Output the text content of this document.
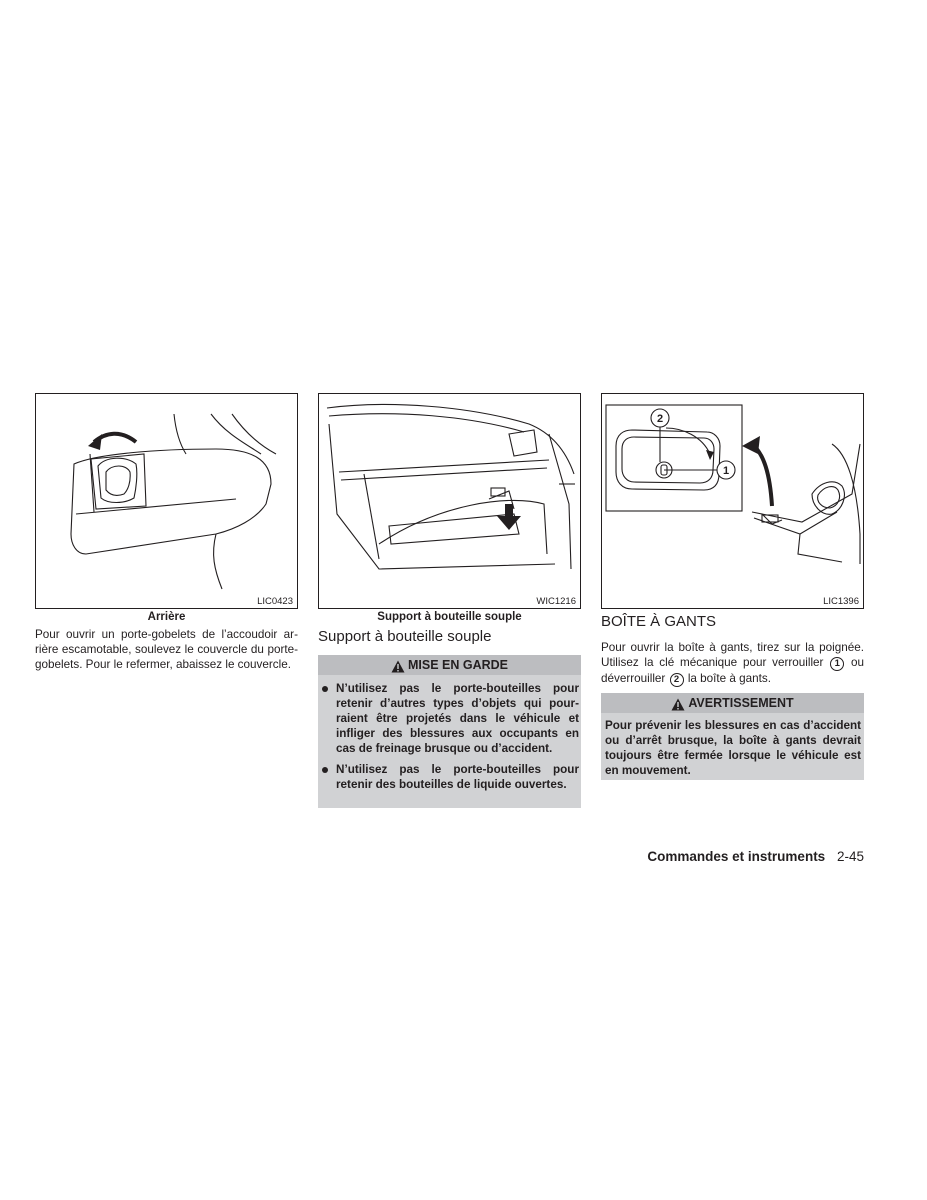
LIC0423
Arrière

Pour ouvrir un porte-gobelets de l’accoudoir arrière escamotable, soulevez le couvercle du porte-gobelets. Pour le refermer, abaissez le couvercle.

WIC1216
Support à bouteille souple
Support à bouteille souple
MISE EN GARDE
N’utilisez pas le porte-bouteilles pour retenir d’autres types d’objets qui pourraient être projetés dans le véhicule et infliger des blessures aux occupants en cas de freinage brusque ou d’accident.
N’utilisez pas le porte-bouteilles pour retenir des bouteilles de liquide ouvertes.
2
1
LIC1396
BOÎTE À GANTS

Pour ouvrir la boîte à gants, tirez sur la poignée. Utilisez la clé mécanique pour verrouiller 1 ou déverrouiller 2 la boîte à gants.

AVERTISSEMENT
Pour prévenir les blessures en cas d’accident ou d’arrêt brusque, la boîte à gants devrait toujours être fermée lorsque le véhicule est en mouvement.
Commandes et instruments 2-45
